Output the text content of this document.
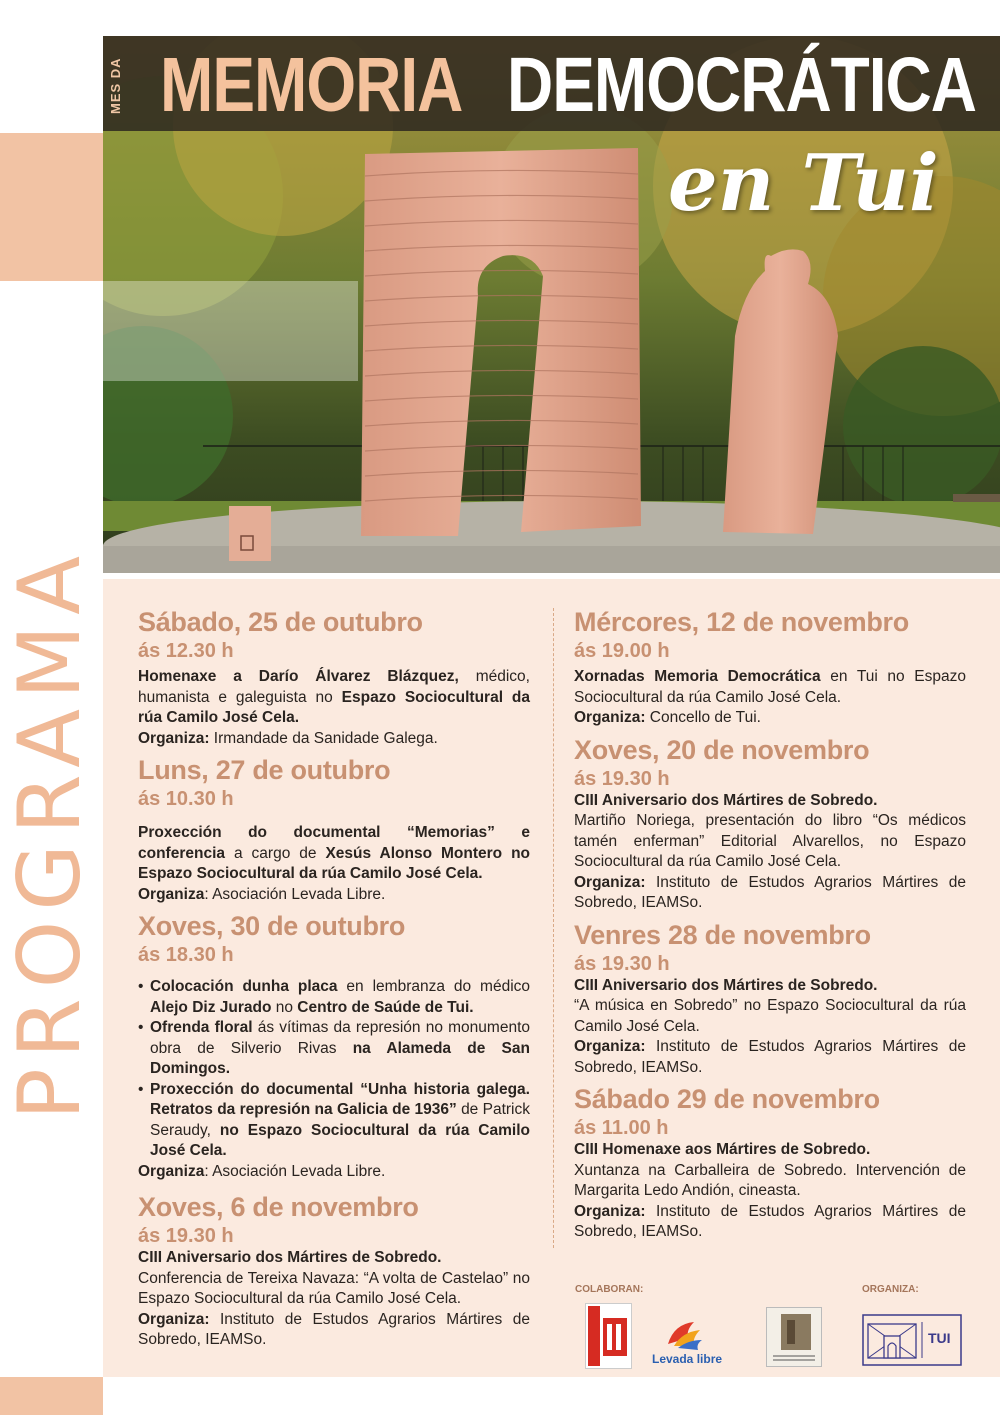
PROGRAMA
MES DA MEMORIA DEMOCRÁTICA
en Tui

Sábado, 25 de outubro

ás 12.30 h

Homenaxe a Darío Álvarez Blázquez, médico, humanista e galeguista no Espazo Sociocultural da rúa Camilo José Cela.

Organiza: Irmandade da Sanidade Galega.

Luns, 27 de outubro

ás 10.30 h

Proxección do documental “Memorias” e conferencia a cargo de Xesús Alonso Montero no Espazo Sociocultural da rúa Camilo José Cela.

Organiza: Asociación Levada Libre.

Xoves, 30 de outubro

ás 18.30 h

• Colocación dunha placa en lembranza do médico Alejo Diz Jurado no Centro de Saúde de Tui.
• Ofrenda floral ás vítimas da represión no monumento obra de Silverio Rivas na Alameda de San Domingos.
• Proxección do documental “Unha historia galega. Retratos da represión na Galicia de 1936” de Patrick Seraudy, no Espazo Sociocultural da rúa Camilo José Cela.

Organiza: Asociación Levada Libre.

Xoves, 6 de novembro

ás 19.30 h

CIII Aniversario dos Mártires de Sobredo.

Conferencia de Tereixa Navaza: “A volta de Castelao” no Espazo Sociocultural da rúa Camilo José Cela.

Organiza: Instituto de Estudos Agrarios Mártires de Sobredo, IEAMSo.

Mércores, 12 de novembro

ás 19.00 h

Xornadas Memoria Democrática en Tui no Espazo Sociocultural da rúa Camilo José Cela.

Organiza: Concello de Tui.

Xoves, 20 de novembro

ás 19.30 h

CIII Aniversario dos Mártires de Sobredo.

Martiño Noriega, presentación do libro “Os médicos tamén enferman” Editorial Alvarellos, no Espazo Sociocultural da rúa Camilo José Cela.

Organiza: Instituto de Estudos Agrarios Mártires de Sobredo, IEAMSo.

Venres 28 de novembro

ás 19.30 h

CIII Aniversario dos Mártires de Sobredo.

“A música en Sobredo” no Espazo Sociocultural da rúa Camilo José Cela.

Organiza: Instituto de Estudos Agrarios Mártires de Sobredo, IEAMSo.

Sábado 29 de novembro

ás 11.00 h

CIII Homenaxe aos Mártires de Sobredo.

Xuntanza na Carballeira de Sobredo. Intervención de Margarita Ledo Andión, cineasta.

Organiza: Instituto de Estudos Agrarios Mártires de Sobredo, IEAMSo.

COLABORAN:	ORGANIZA:
Levada libre
TUI
